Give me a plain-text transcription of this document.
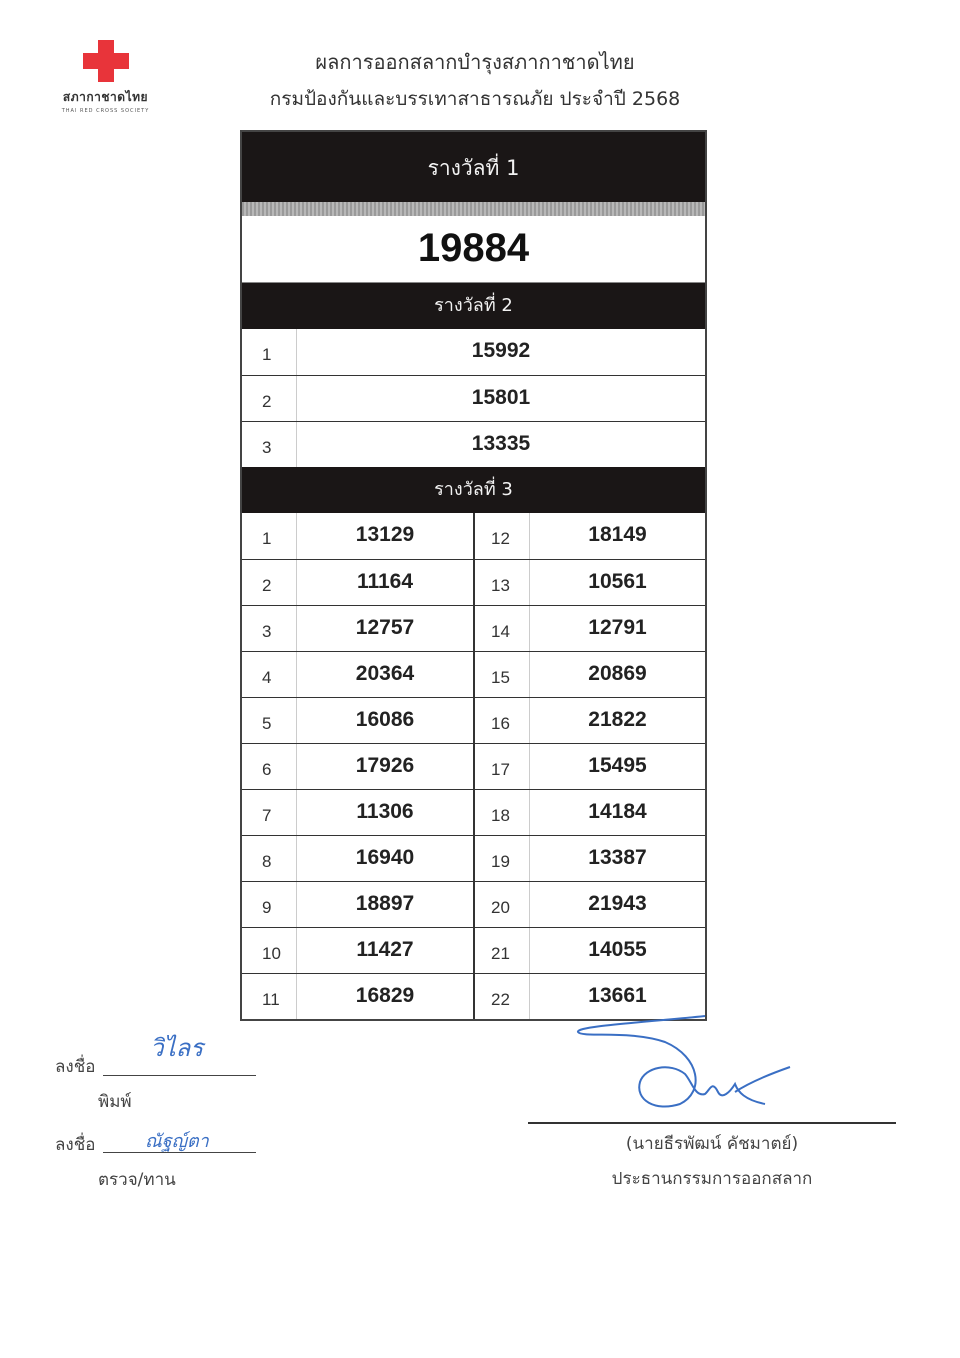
สภากาชาดไทย
THAI RED CROSS SOCIETY
ผลการออกสลากบำรุงสภากาชาดไทย
กรมป้องกันและบรรเทาสาธารณภัย ประจำปี 2568
รางวัลที่ 1
19884
รางวัลที่ 2
1	15992
2	15801
3	13335
รางวัลที่ 3
1	13129	12	18149
2	11164	13	10561
3	12757	14	12791
4	20364	15	20869
5	16086	16	21822
6	17926	17	15495
7	11306	18	14184
8	16940	19	13387
9	18897	20	21943
10	11427	21	14055
11	16829	22	13661
ลงชื่อ
วิไลร
พิมพ์
ลงชื่อ	ณัฐญ์ตา
ตรวจ/ทาน
(นายธีรพัฒน์ คัชมาตย์)
ประธานกรรมการออกสลาก
